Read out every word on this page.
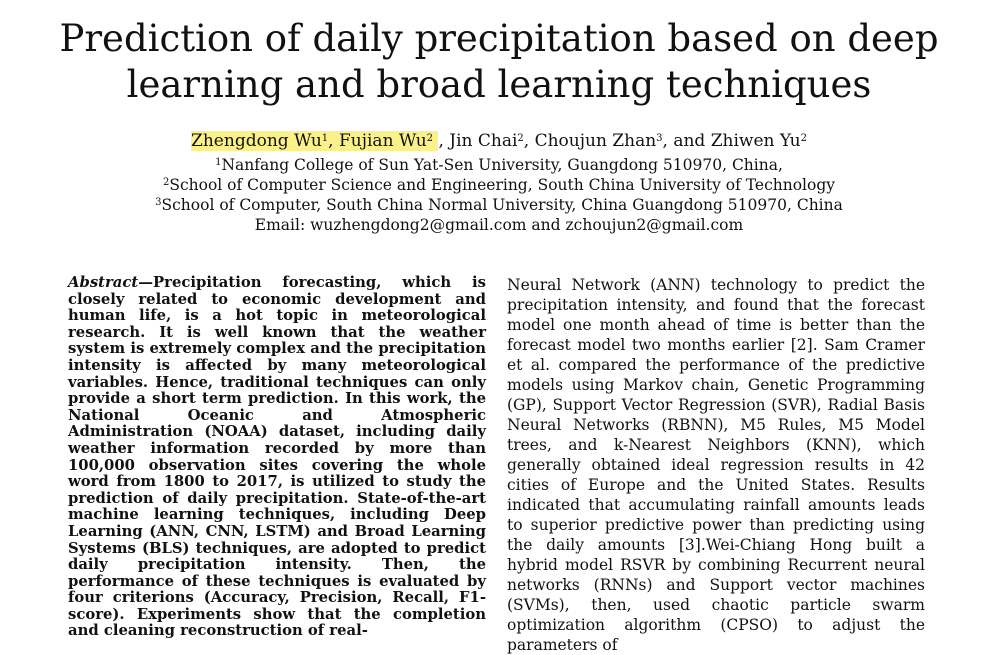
Prediction of daily precipitation based on deep learning and broad learning techniques
Zhengdong Wu$^1$, Fujian Wu$^2$ , Jin Chai$^2$, Choujun Zhan$^3$, and Zhiwen Yu$^2$
$^1$Nanfang College of Sun Yat-Sen University, Guangdong 510970, China,
$^2$School of Computer Science and Engineering, South China University of Technology
$^3$School of Computer, South China Normal University, China Guangdong 510970, China
Email: wuzhengdong2@gmail.com and zchoujun2@gmail.com
Abstract—Precipitation forecasting, which is closely related to economic development and human life, is a hot topic in meteorological research. It is well known that the weather system is extremely complex and the precipitation intensity is affected by many meteorological variables. Hence, traditional techniques can only provide a short term prediction. In this work, the National Oceanic and Atmospheric Administration (NOAA) dataset, including daily weather information recorded by more than 100,000 observation sites covering the whole word from 1800 to 2017, is utilized to study the prediction of daily precipitation. State-of-the-art machine learning techniques, including Deep Learning (ANN, CNN, LSTM) and Broad Learning Systems (BLS) techniques, are adopted to predict daily precipitation intensity. Then, the performance of these techniques is evaluated by four criterions (Accuracy, Precision, Recall, F1-score). Experiments show that the completion and cleaning reconstruction of real-
Neural Network (ANN) technology to predict the precipitation intensity, and found that the forecast model one month ahead of time is better than the forecast model two months earlier [2]. Sam Cramer et al. compared the performance of the predictive models using Markov chain, Genetic Programming (GP), Support Vector Regression (SVR), Radial Basis Neural Networks (RBNN), M5 Rules, M5 Model trees, and k-Nearest Neighbors (KNN), which generally obtained ideal regression results in 42 cities of Europe and the United States. Results indicated that accumulating rainfall amounts leads to superior predictive power than predicting using the daily amounts [3].Wei-Chiang Hong built a hybrid model RSVR by combining Recurrent neural networks (RNNs) and Support vector machines (SVMs), then, used chaotic particle swarm optimization algorithm (CPSO) to adjust the parameters of
